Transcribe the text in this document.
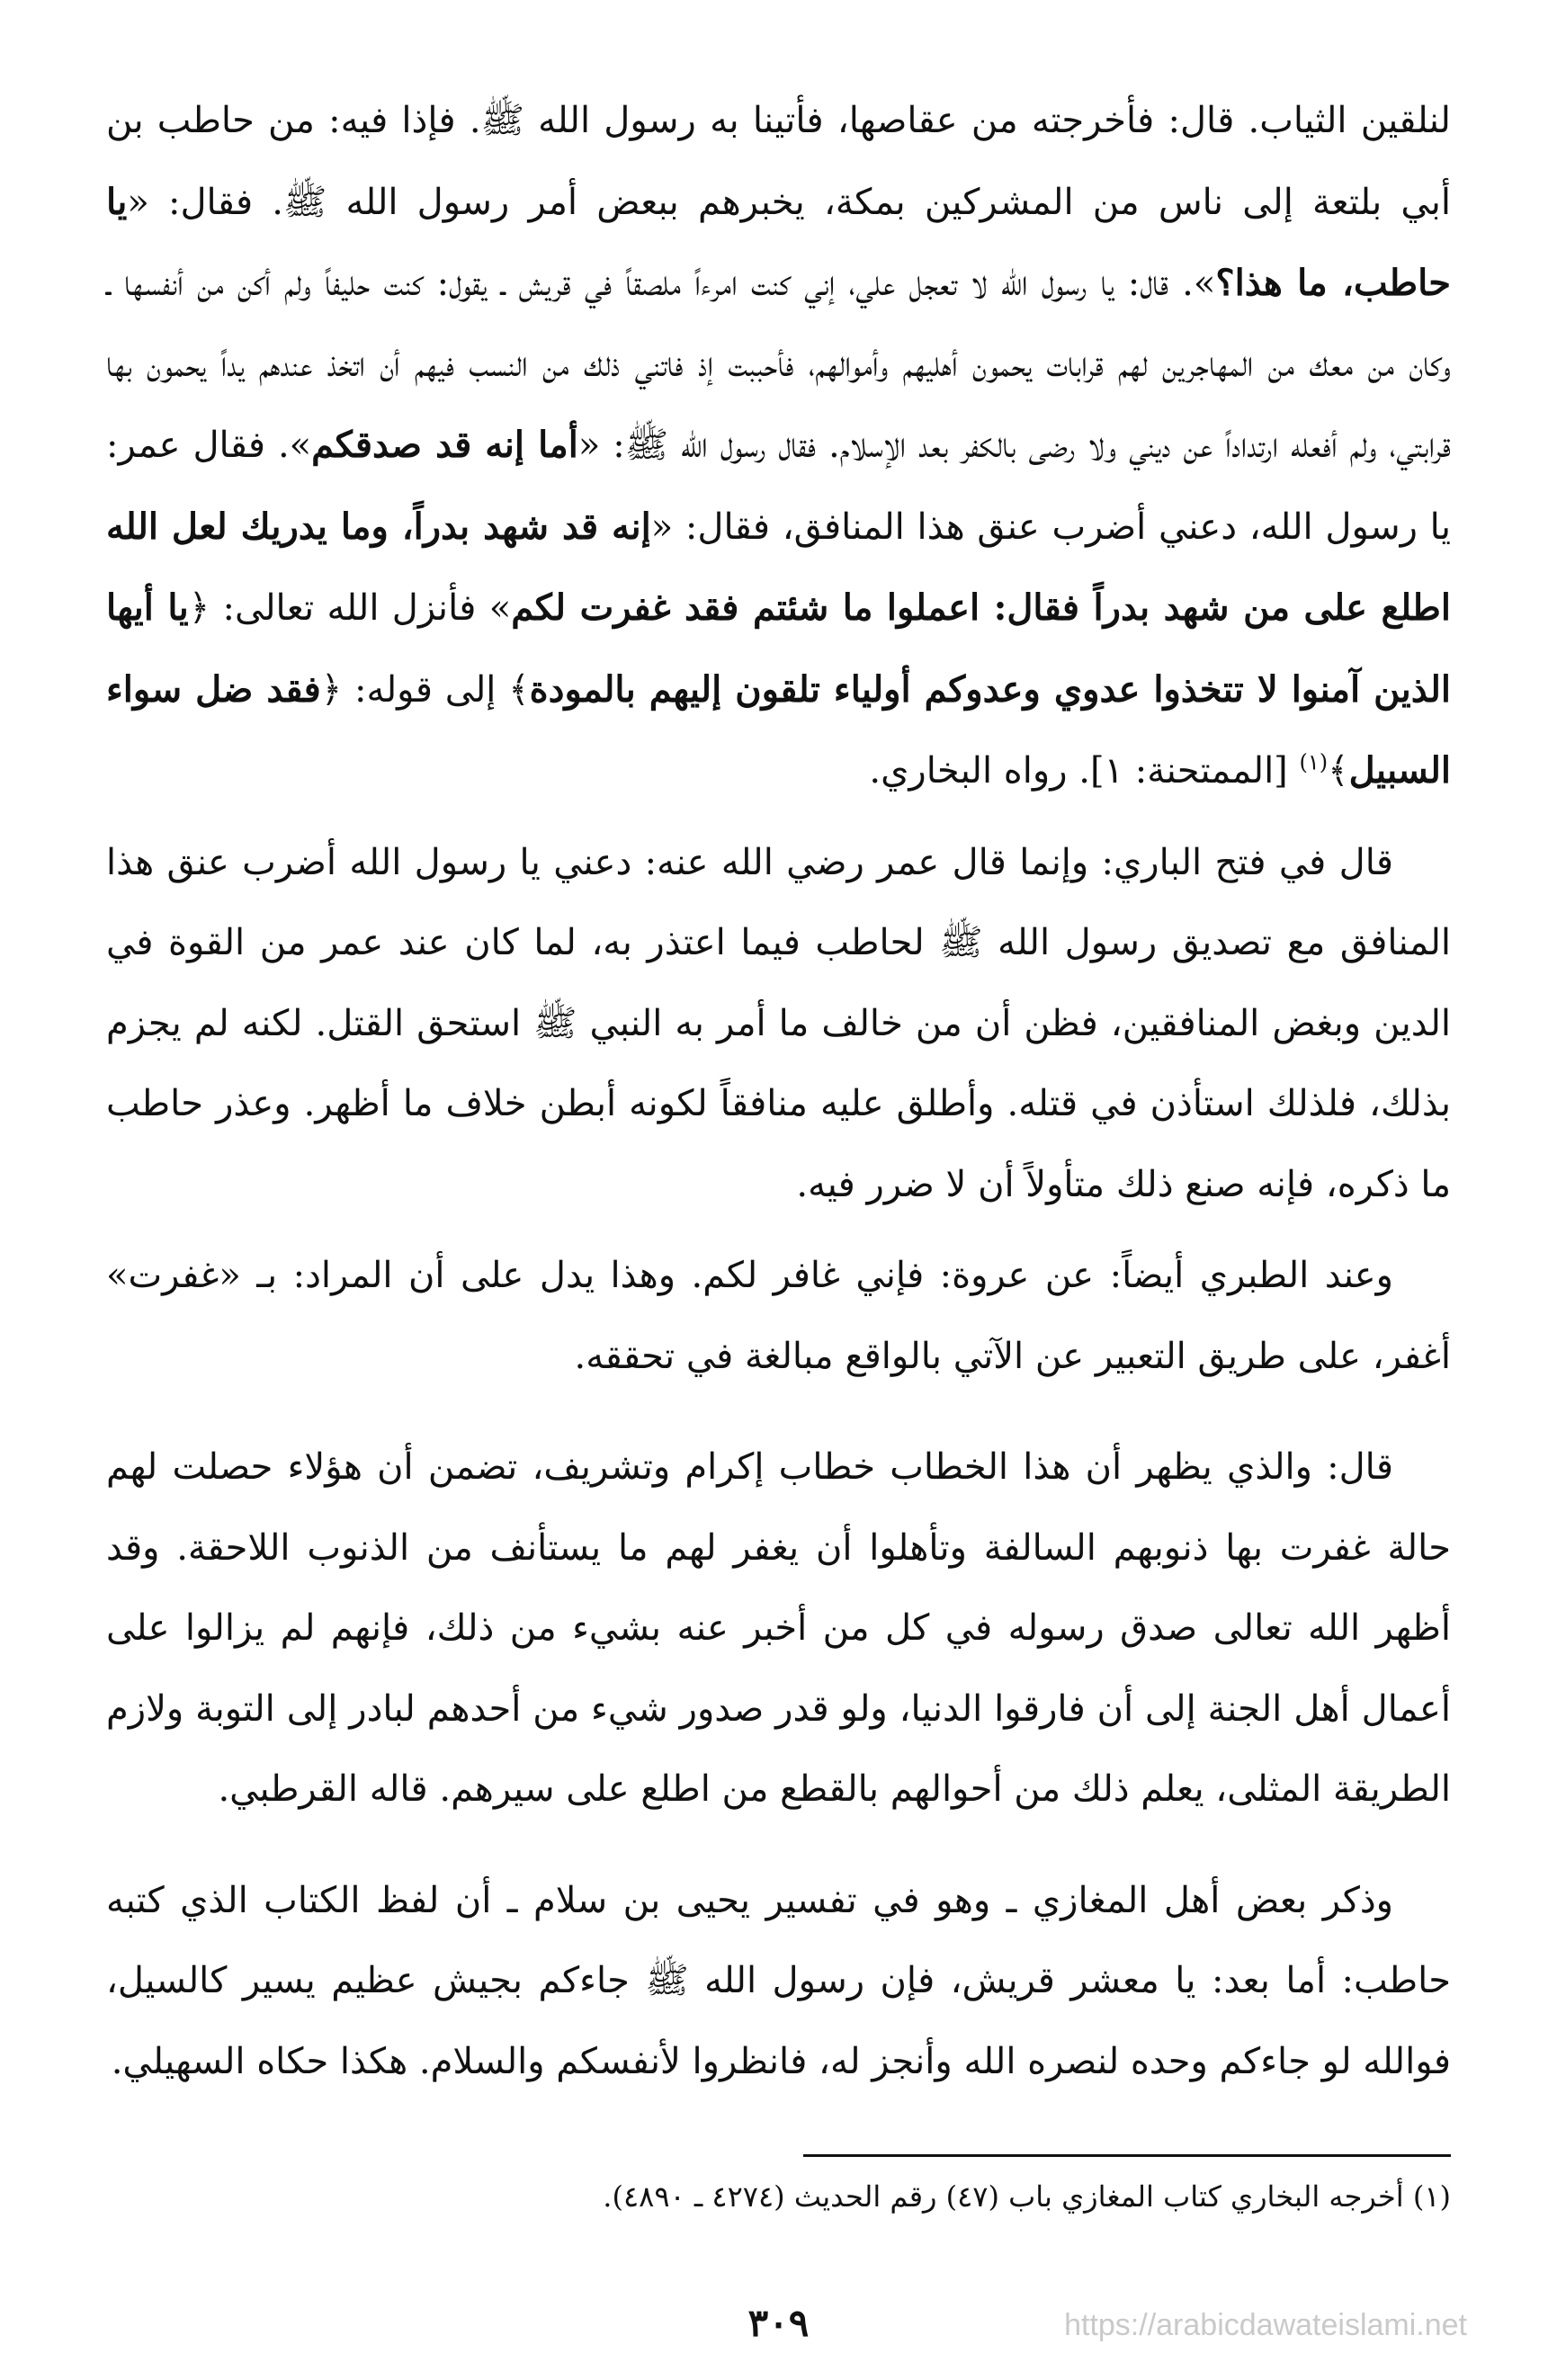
لنلقين الثياب. قال: فأخرجته من عقاصها، فأتينا به رسول الله ﷺ. فإذا فيه: من حاطب بن أبي بلتعة إلى ناس من المشركين بمكة، يخبرهم ببعض أمر رسول الله ﷺ. فقال: «يا حاطب، ما هذا؟». قال: يا رسول الله لا تعجل علي، إني كنت امرءاً ملصقاً في قريش ـ يقول: كنت حليفاً ولم أكن من أنفسها ـ وكان من معك من المهاجرين لهم قرابات يحمون أهليهم وأموالهم، فأحببت إذ فاتني ذلك من النسب فيهم أن اتخذ عندهم يداً يحمون بها قرابتي، ولم أفعله ارتداداً عن ديني ولا رضى بالكفر بعد الإسلام. فقال رسول الله ﷺ: «أما إنه قد صدقكم». فقال عمر: يا رسول الله، دعني أضرب عنق هذا المنافق، فقال: «إنه قد شهد بدراً، وما يدريك لعل الله اطلع على من شهد بدراً فقال: اعملوا ما شئتم فقد غفرت لكم» فأنزل الله تعالى: ﴿يا أيها الذين آمنوا لا تتخذوا عدوي وعدوكم أولياء تلقون إليهم بالمودة﴾ إلى قوله: ﴿فقد ضل سواء السبيل﴾$^{(١)}$ [الممتحنة: ١]. رواه البخاري.

قال في فتح الباري: وإنما قال عمر رضي الله عنه: دعني يا رسول الله أضرب عنق هذا المنافق مع تصديق رسول الله ﷺ لحاطب فيما اعتذر به، لما كان عند عمر من القوة في الدين وبغض المنافقين، فظن أن من خالف ما أمر به النبي ﷺ استحق القتل. لكنه لم يجزم بذلك، فلذلك استأذن في قتله. وأطلق عليه منافقاً لكونه أبطن خلاف ما أظهر. وعذر حاطب ما ذكره، فإنه صنع ذلك متأولاً أن لا ضرر فيه.

وعند الطبري أيضاً: عن عروة: فإني غافر لكم. وهذا يدل على أن المراد: بـ «غفرت» أغفر، على طريق التعبير عن الآتي بالواقع مبالغة في تحققه.

قال: والذي يظهر أن هذا الخطاب خطاب إكرام وتشريف، تضمن أن هؤلاء حصلت لهم حالة غفرت بها ذنوبهم السالفة وتأهلوا أن يغفر لهم ما يستأنف من الذنوب اللاحقة. وقد أظهر الله تعالى صدق رسوله في كل من أخبر عنه بشيء من ذلك، فإنهم لم يزالوا على أعمال أهل الجنة إلى أن فارقوا الدنيا، ولو قدر صدور شيء من أحدهم لبادر إلى التوبة ولازم الطريقة المثلى، يعلم ذلك من أحوالهم بالقطع من اطلع على سيرهم. قاله القرطبي.

وذكر بعض أهل المغازي ـ وهو في تفسير يحيى بن سلام ـ أن لفظ الكتاب الذي كتبه حاطب: أما بعد: يا معشر قريش، فإن رسول الله ﷺ جاءكم بجيش عظيم يسير كالسيل، فوالله لو جاءكم وحده لنصره الله وأنجز له، فانظروا لأنفسكم والسلام. هكذا حكاه السهيلي.

(١) أخرجه البخاري كتاب المغازي باب (٤٧) رقم الحديث (٤٢٧٤ ـ ٤٨٩٠).
٣٠٩	https://arabicdawateislami.net
